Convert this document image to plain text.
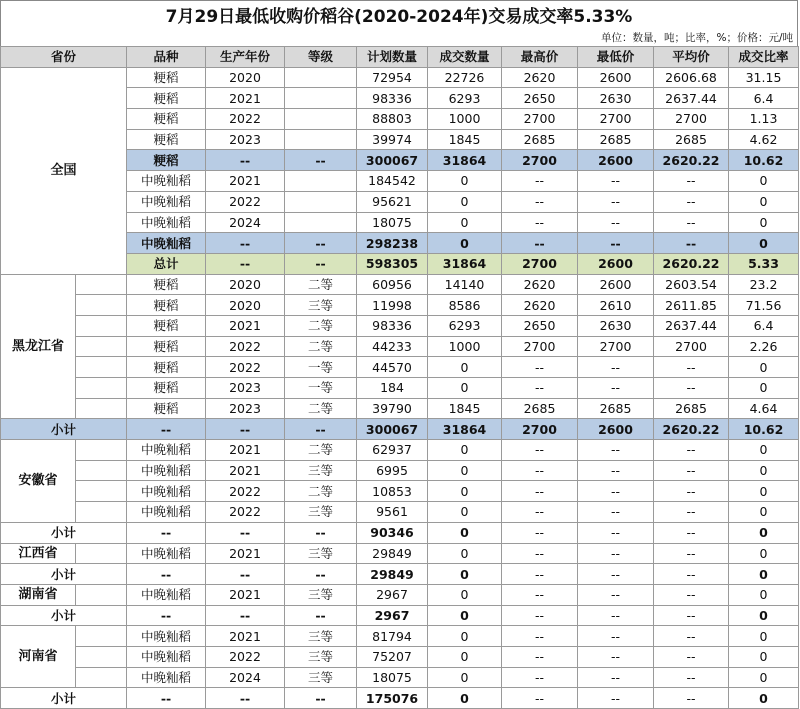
7月29日最低收购价稻谷(2020-2024年)交易成交率5.33%
单位：数量，吨；比率，%；价格：元/吨
省份		品种	生产年份	等级	计划数量	成交数量	最高价	最低价	平均价	成交比率
全国		粳稻	2020		72954	22726	2620	2600	2606.68	31.15
		粳稻	2021		98336	6293	2650	2630	2637.44	6.4
		粳稻	2022		88803	1000	2700	2700	2700	1.13
		粳稻	2023		39974	1845	2685	2685	2685	4.62
		粳稻	--	--	300067	31864	2700	2600	2620.22	10.62
		中晚籼稻	2021		184542	0	--	--	--	0
		中晚籼稻	2022		95621	0	--	--	--	0
		中晚籼稻	2024		18075	0	--	--	--	0
		中晚籼稻	--	--	298238	0	--	--	--	0
		总计	--	--	598305	31864	2700	2600	2620.22	5.33
黑龙江省		粳稻	2020	二等	60956	14140	2620	2600	2603.54	23.2
		粳稻	2020	三等	11998	8586	2620	2610	2611.85	71.56
		粳稻	2021	二等	98336	6293	2650	2630	2637.44	6.4
		粳稻	2022	二等	44233	1000	2700	2700	2700	2.26
		粳稻	2022	一等	44570	0	--	--	--	0
		粳稻	2023	一等	184	0	--	--	--	0
		粳稻	2023	二等	39790	1845	2685	2685	2685	4.64
小计		--	--	--	300067	31864	2700	2600	2620.22	10.62
安徽省		中晚籼稻	2021	二等	62937	0	--	--	--	0
		中晚籼稻	2021	三等	6995	0	--	--	--	0
		中晚籼稻	2022	二等	10853	0	--	--	--	0
		中晚籼稻	2022	三等	9561	0	--	--	--	0
小计		--	--	--	90346	0	--	--	--	0
江西省		中晚籼稻	2021	三等	29849	0	--	--	--	0
小计		--	--	--	29849	0	--	--	--	0
湖南省		中晚籼稻	2021	三等	2967	0	--	--	--	0
小计		--	--	--	2967	0	--	--	--	0
河南省		中晚籼稻	2021	三等	81794	0	--	--	--	0
		中晚籼稻	2022	三等	75207	0	--	--	--	0
		中晚籼稻	2024	三等	18075	0	--	--	--	0
小计		--	--	--	175076	0	--	--	--	0
